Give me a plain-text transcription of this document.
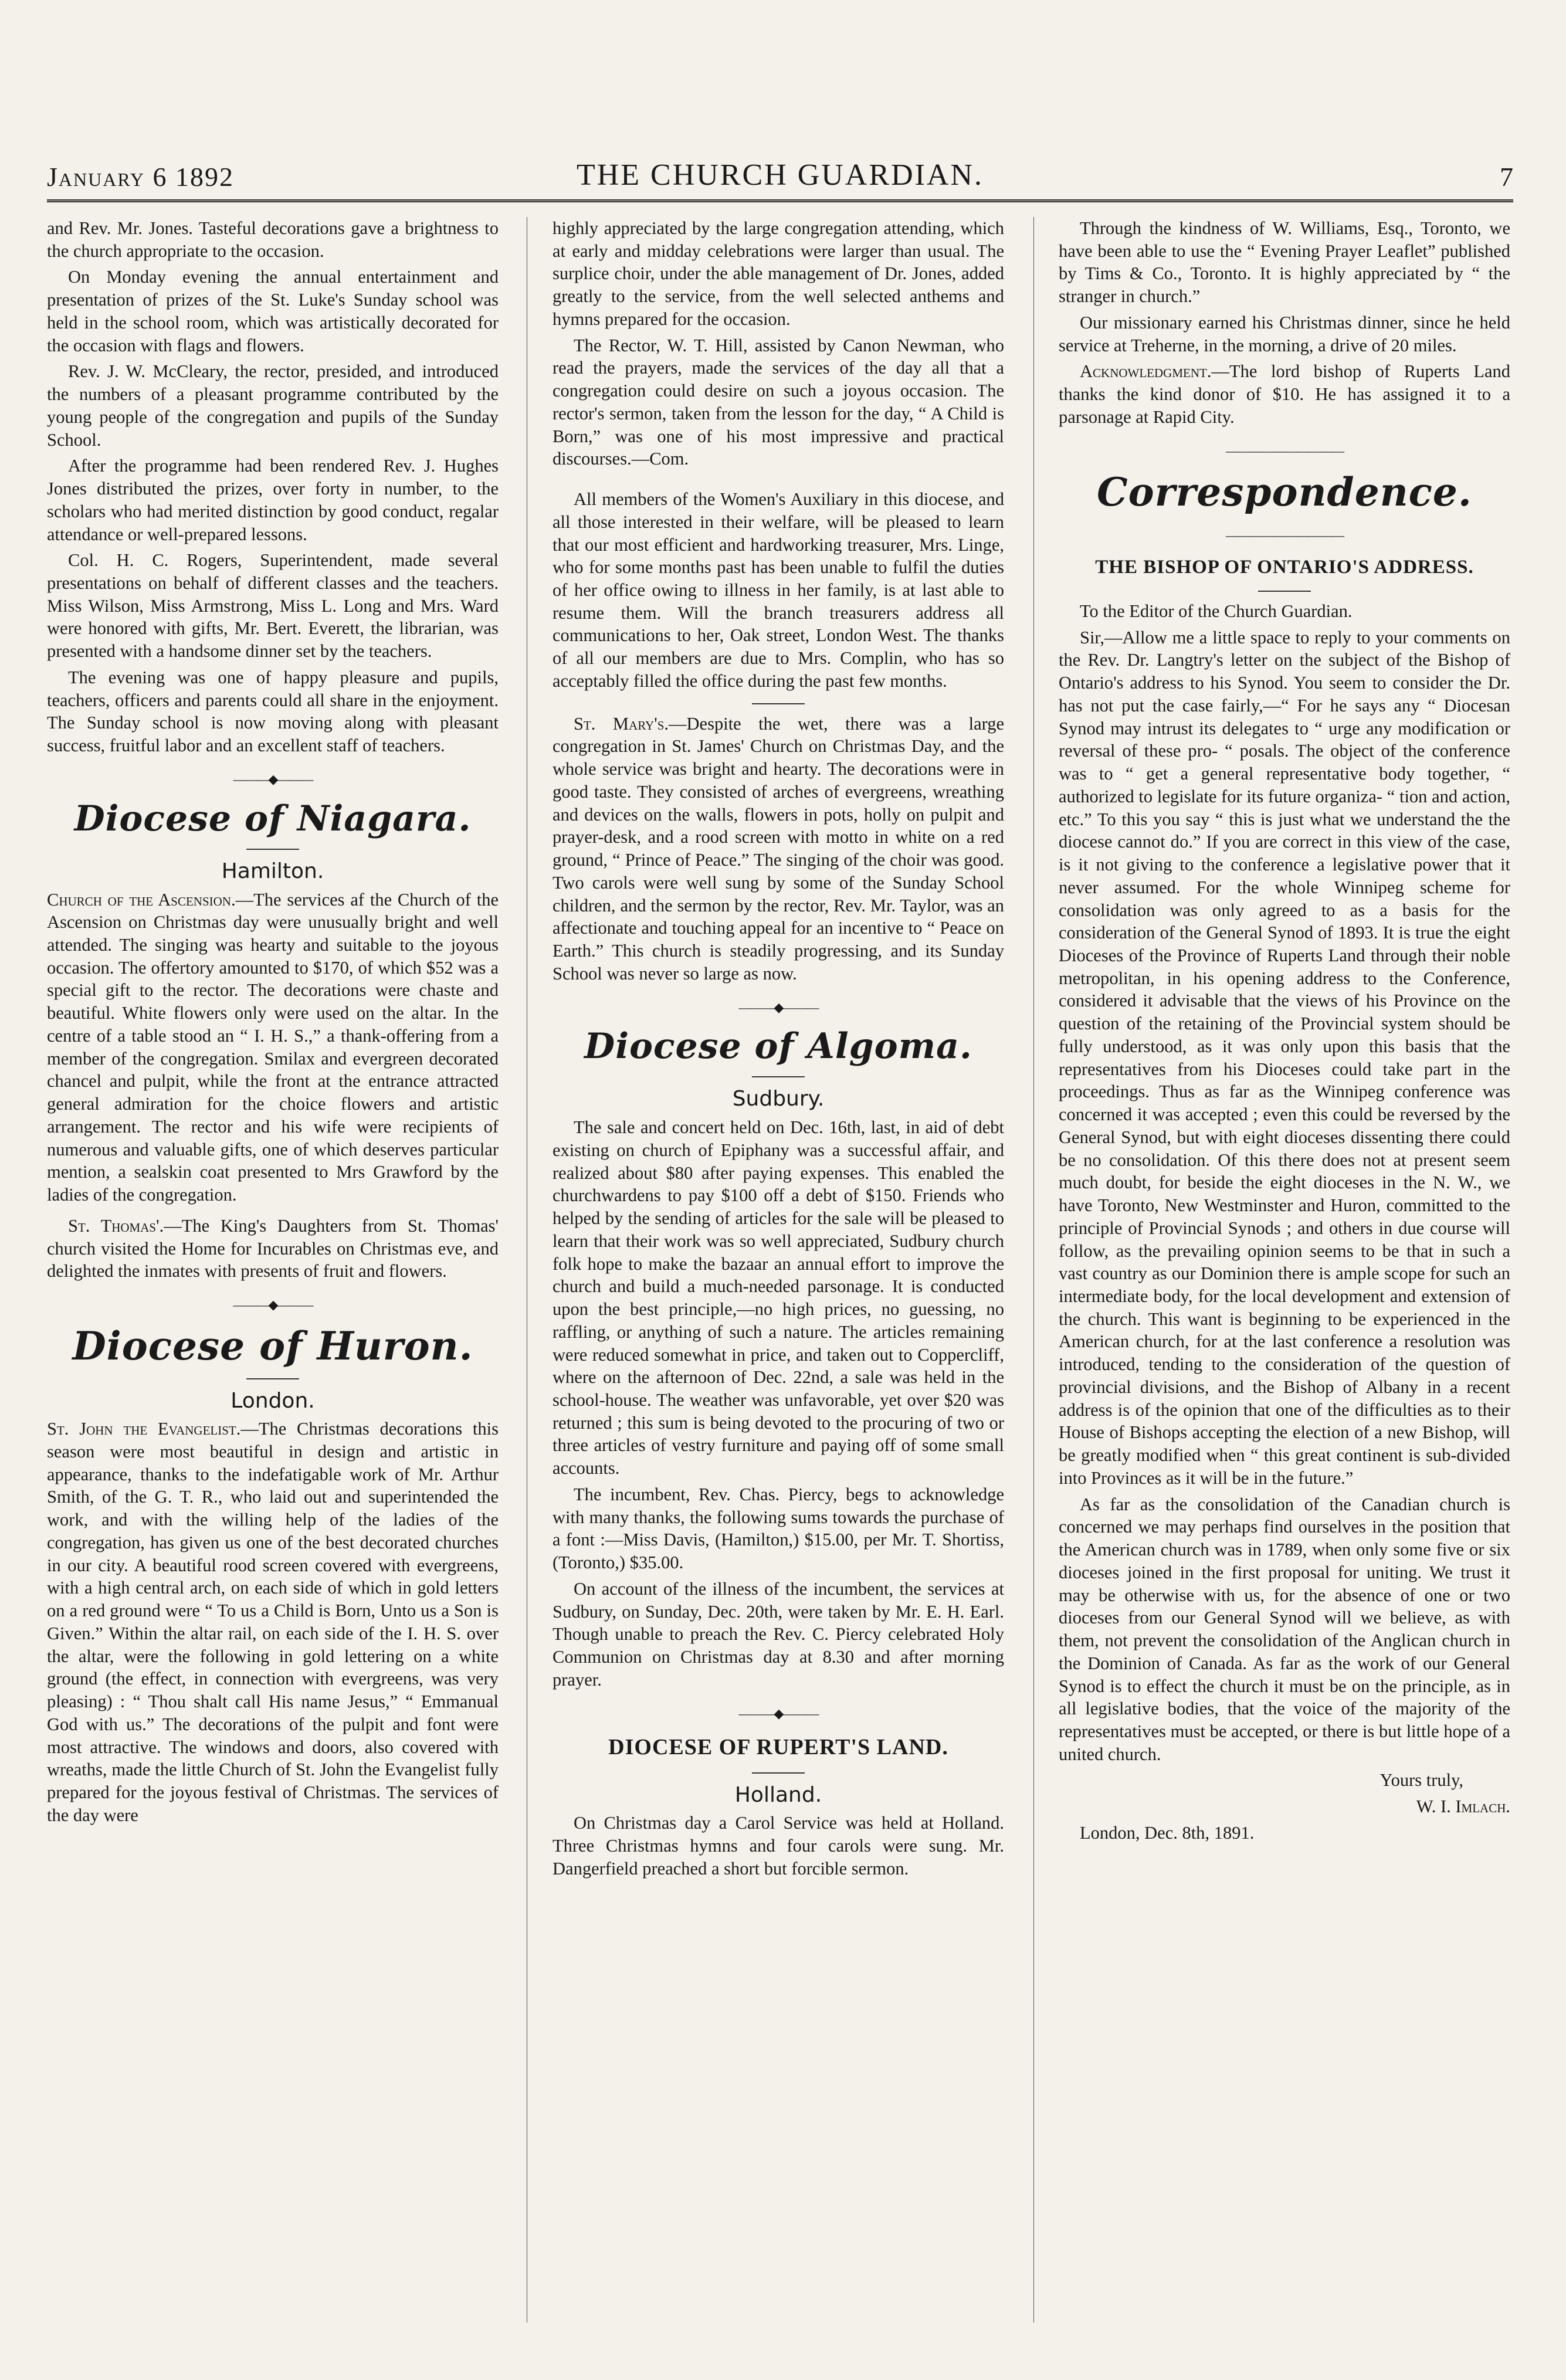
January 6 1892	THE CHURCH GUARDIAN.	7

and Rev. Mr. Jones. Tasteful decorations gave a brightness to the church appropriate to the occasion.

On Monday evening the annual entertainment and presentation of prizes of the St. Luke's Sunday school was held in the school room, which was artistically decorated for the occasion with flags and flowers.

Rev. J. W. McCleary, the rector, presided, and introduced the numbers of a pleasant programme contributed by the young people of the congregation and pupils of the Sunday School.

After the programme had been rendered Rev. J. Hughes Jones distributed the prizes, over forty in number, to the scholars who had merited distinction by good conduct, regalar attendance or well-prepared lessons.

Col. H. C. Rogers, Superintendent, made several presentations on behalf of different classes and the teachers. Miss Wilson, Miss Armstrong, Miss L. Long and Mrs. Ward were honored with gifts, Mr. Bert. Everett, the librarian, was presented with a handsome dinner set by the teachers.

The evening was one of happy pleasure and pupils, teachers, officers and parents could all share in the enjoyment. The Sunday school is now moving along with pleasant success, fruitful labor and an excellent staff of teachers.

———◆———
Diocese of Niagara.
Hamilton.

Church of the Ascension.—The services af the Church of the Ascension on Christmas day were unusually bright and well attended. The singing was hearty and suitable to the joyous occasion. The offertory amounted to $170, of which $52 was a special gift to the rector. The decorations were chaste and beautiful. White flowers only were used on the altar. In the centre of a table stood an “ I. H. S.,” a thank-offering from a member of the congregation. Smilax and evergreen decorated chancel and pulpit, while the front at the entrance attracted general admiration for the choice flowers and artistic arrangement. The rector and his wife were recipients of numerous and valuable gifts, one of which deserves particular mention, a sealskin coat presented to Mrs Grawford by the ladies of the congregation.

St. Thomas'.—The King's Daughters from St. Thomas' church visited the Home for Incurables on Christmas eve, and delighted the inmates with presents of fruit and flowers.

———◆———
Diocese of Huron.
London.

St. John the Evangelist.—The Christmas decorations this season were most beautiful in design and artistic in appearance, thanks to the indefatigable work of Mr. Arthur Smith, of the G. T. R., who laid out and superintended the work, and with the willing help of the ladies of the congregation, has given us one of the best decorated churches in our city. A beautiful rood screen covered with evergreens, with a high central arch, on each side of which in gold letters on a red ground were “ To us a Child is Born, Unto us a Son is Given.” Within the altar rail, on each side of the I. H. S. over the altar, were the following in gold lettering on a white ground (the effect, in connection with evergreens, was very pleasing) : “ Thou shalt call His name Jesus,” “ Emmanual God with us.” The decorations of the pulpit and font were most attractive. The windows and doors, also covered with wreaths, made the little Church of St. John the Evangelist fully prepared for the joyous festival of Christmas. The services of the day were

highly appreciated by the large congregation attending, which at early and midday celebrations were larger than usual. The surplice choir, under the able management of Dr. Jones, added greatly to the service, from the well selected anthems and hymns prepared for the occasion.

The Rector, W. T. Hill, assisted by Canon Newman, who read the prayers, made the services of the day all that a congregation could desire on such a joyous occasion. The rector's sermon, taken from the lesson for the day, “ A Child is Born,” was one of his most impressive and practical discourses.—Com.

All members of the Women's Auxiliary in this diocese, and all those interested in their welfare, will be pleased to learn that our most efficient and hardworking treasurer, Mrs. Linge, who for some months past has been unable to fulfil the duties of her office owing to illness in her family, is at last able to resume them. Will the branch treasurers address all communications to her, Oak street, London West. The thanks of all our members are due to Mrs. Complin, who has so acceptably filled the office during the past few months.

St. Mary's.—Despite the wet, there was a large congregation in St. James' Church on Christmas Day, and the whole service was bright and hearty. The decorations were in good taste. They consisted of arches of evergreens, wreathing and devices on the walls, flowers in pots, holly on pulpit and prayer-desk, and a rood screen with motto in white on a red ground, “ Prince of Peace.” The singing of the choir was good. Two carols were well sung by some of the Sunday School children, and the sermon by the rector, Rev. Mr. Taylor, was an affectionate and touching appeal for an incentive to “ Peace on Earth.” This church is steadily progressing, and its Sunday School was never so large as now.

———◆———
Diocese of Algoma.
Sudbury.

The sale and concert held on Dec. 16th, last, in aid of debt existing on church of Epiphany was a successful affair, and realized about $80 after paying expenses. This enabled the churchwardens to pay $100 off a debt of $150. Friends who helped by the sending of articles for the sale will be pleased to learn that their work was so well appreciated, Sudbury church folk hope to make the bazaar an annual effort to improve the church and build a much-needed parsonage. It is conducted upon the best principle,—no high prices, no guessing, no raffling, or anything of such a nature. The articles remaining were reduced somewhat in price, and taken out to Coppercliff, where on the afternoon of Dec. 22nd, a sale was held in the school-house. The weather was unfavorable, yet over $20 was returned ; this sum is being devoted to the procuring of two or three articles of vestry furniture and paying off of some small accounts.

The incumbent, Rev. Chas. Piercy, begs to acknowledge with many thanks, the following sums towards the purchase of a font :—Miss Davis, (Hamilton,) $15.00, per Mr. T. Shortiss, (Toronto,) $35.00.

On account of the illness of the incumbent, the services at Sudbury, on Sunday, Dec. 20th, were taken by Mr. E. H. Earl. Though unable to preach the Rev. C. Piercy celebrated Holy Communion on Christmas day at 8.30 and after morning prayer.

———◆———
DIOCESE OF RUPERT'S LAND.
Holland.

On Christmas day a Carol Service was held at Holland. Three Christmas hymns and four carols were sung. Mr. Dangerfield preached a short but forcible sermon.

Through the kindness of W. Williams, Esq., Toronto, we have been able to use the “ Evening Prayer Leaflet” published by Tims & Co., Toronto. It is highly appreciated by “ the stranger in church.”

Our missionary earned his Christmas dinner, since he held service at Treherne, in the morning, a drive of 20 miles.

Acknowledgment.—The lord bishop of Ruperts Land thanks the kind donor of $10. He has assigned it to a parsonage at Rapid City.

——————————
Correspondence.
——————————
THE BISHOP OF ONTARIO'S ADDRESS.

To the Editor of the Church Guardian.

Sir,—Allow me a little space to reply to your comments on the Rev. Dr. Langtry's letter on the subject of the Bishop of Ontario's address to his Synod. You seem to consider the Dr. has not put the case fairly,—“ For he says any “ Diocesan Synod may intrust its delegates to “ urge any modification or reversal of these pro- “ posals. The object of the conference was to “ get a general representative body together, “ authorized to legislate for its future organiza- “ tion and action, etc.” To this you say “ this is just what we understand the the diocese cannot do.” If you are correct in this view of the case, is it not giving to the conference a legislative power that it never assumed. For the whole Winnipeg scheme for consolidation was only agreed to as a basis for the consideration of the General Synod of 1893. It is true the eight Dioceses of the Province of Ruperts Land through their noble metropolitan, in his opening address to the Conference, considered it advisable that the views of his Province on the question of the retaining of the Provincial system should be fully understood, as it was only upon this basis that the representatives from his Dioceses could take part in the proceedings. Thus as far as the Winnipeg conference was concerned it was accepted ; even this could be reversed by the General Synod, but with eight dioceses dissenting there could be no consolidation. Of this there does not at present seem much doubt, for beside the eight dioceses in the N. W., we have Toronto, New Westminster and Huron, committed to the principle of Provincial Synods ; and others in due course will follow, as the prevailing opinion seems to be that in such a vast country as our Dominion there is ample scope for such an intermediate body, for the local development and extension of the church. This want is beginning to be experienced in the American church, for at the last conference a resolution was introduced, tending to the consideration of the question of provincial divisions, and the Bishop of Albany in a recent address is of the opinion that one of the difficulties as to their House of Bishops accepting the election of a new Bishop, will be greatly modified when “ this great continent is sub-divided into Provinces as it will be in the future.”

As far as the consolidation of the Canadian church is concerned we may perhaps find ourselves in the position that the American church was in 1789, when only some five or six dioceses joined in the first proposal for uniting. We trust it may be otherwise with us, for the absence of one or two dioceses from our General Synod will we believe, as with them, not prevent the consolidation of the Anglican church in the Dominion of Canada. As far as the work of our General Synod is to effect the church it must be on the principle, as in all legislative bodies, that the voice of the majority of the representatives must be accepted, or there is but little hope of a united church.

Yours truly,

W. I. Imlach.

London, Dec. 8th, 1891.
